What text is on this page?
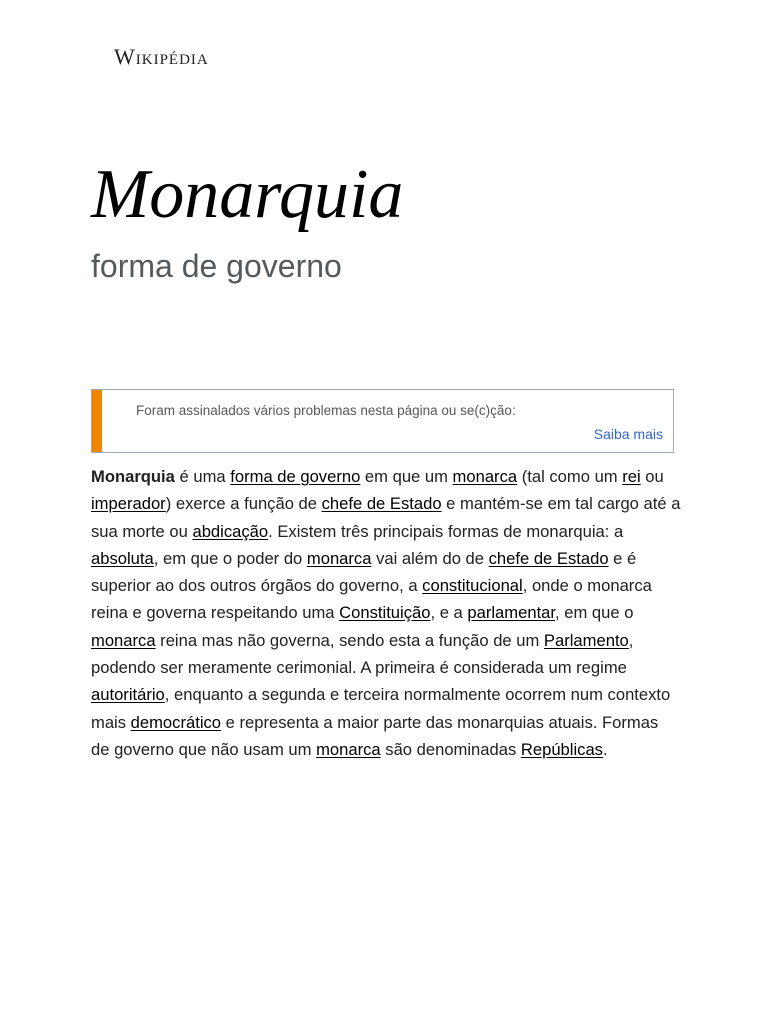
Wikipédia
Monarquia
forma de governo
Foram assinalados vários problemas nesta página ou se(c)ção:
Saiba mais

Monarquia é uma forma de governo em que um monarca (tal como um rei ou imperador) exerce a função de chefe de Estado e mantém-se em tal cargo até a sua morte ou abdicação. Existem três principais formas de monarquia: a absoluta, em que o poder do monarca vai além do de chefe de Estado e é superior ao dos outros órgãos do governo, a constitucional, onde o monarca reina e governa respeitando uma Constituição, e a parlamentar, em que o monarca reina mas não governa, sendo esta a função de um Parlamento, podendo ser meramente cerimonial. A primeira é considerada um regime autoritário, enquanto a segunda e terceira normalmente ocorrem num contexto mais democrático e representa a maior parte das monarquias atuais. Formas de governo que não usam um monarca são denominadas Repúblicas.
